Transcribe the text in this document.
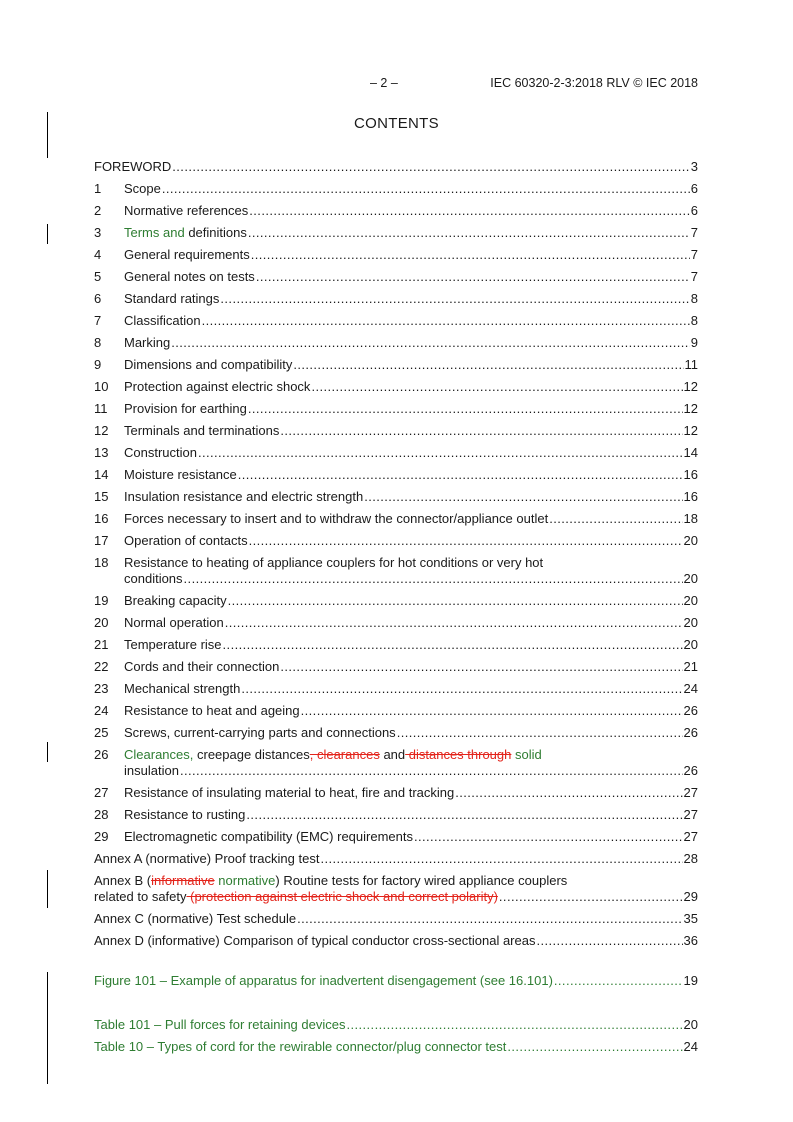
– 2 –	IEC 60320-2-3:2018 RLV © IEC 2018
CONTENTS
FOREWORD .....	3
1	Scope .....	6
2	Normative references .....	6
3	Terms and definitions .....	7
4	General requirements .....	7
5	General notes on tests .....	7
6	Standard ratings .....	8
7	Classification .....	8
8	Marking .....	9
9	Dimensions and compatibility .....	11
10	Protection against electric shock .....	12
11	Provision for earthing .....	12
12	Terminals and terminations .....	12
13	Construction .....	14
14	Moisture resistance .....	16
15	Insulation resistance and electric strength .....	16
16	Forces necessary to insert and to withdraw the connector/appliance outlet .....	18
17	Operation of contacts .....	20
18	Resistance to heating of appliance couplers for hot conditions or very hot
conditions .....	20
19	Breaking capacity .....	20
20	Normal operation .....	20
21	Temperature rise .....	20
22	Cords and their connection .....	21
23	Mechanical strength .....	24
24	Resistance to heat and ageing .....	26
25	Screws, current-carrying parts and connections .....	26
26	Clearances, creepage distances, clearances and distances through solid
insulation .....	26
27	Resistance of insulating material to heat, fire and tracking .....	27
28	Resistance to rusting .....	27
29	Electromagnetic compatibility (EMC) requirements .....	27
Annex A (normative) Proof tracking test .....	28
Annex B (informative normative) Routine tests for factory wired appliance couplers
related to safety (protection against electric shock and correct polarity) .....	29
Annex C (normative) Test schedule .....	35
Annex D (informative) Comparison of typical conductor cross-sectional areas .....	36
Figure 101 – Example of apparatus for inadvertent disengagement (see 16.101) .....	19
Table 101 – Pull forces for retaining devices .....	20
Table 10 – Types of cord for the rewirable connector/plug connector test .....	24
